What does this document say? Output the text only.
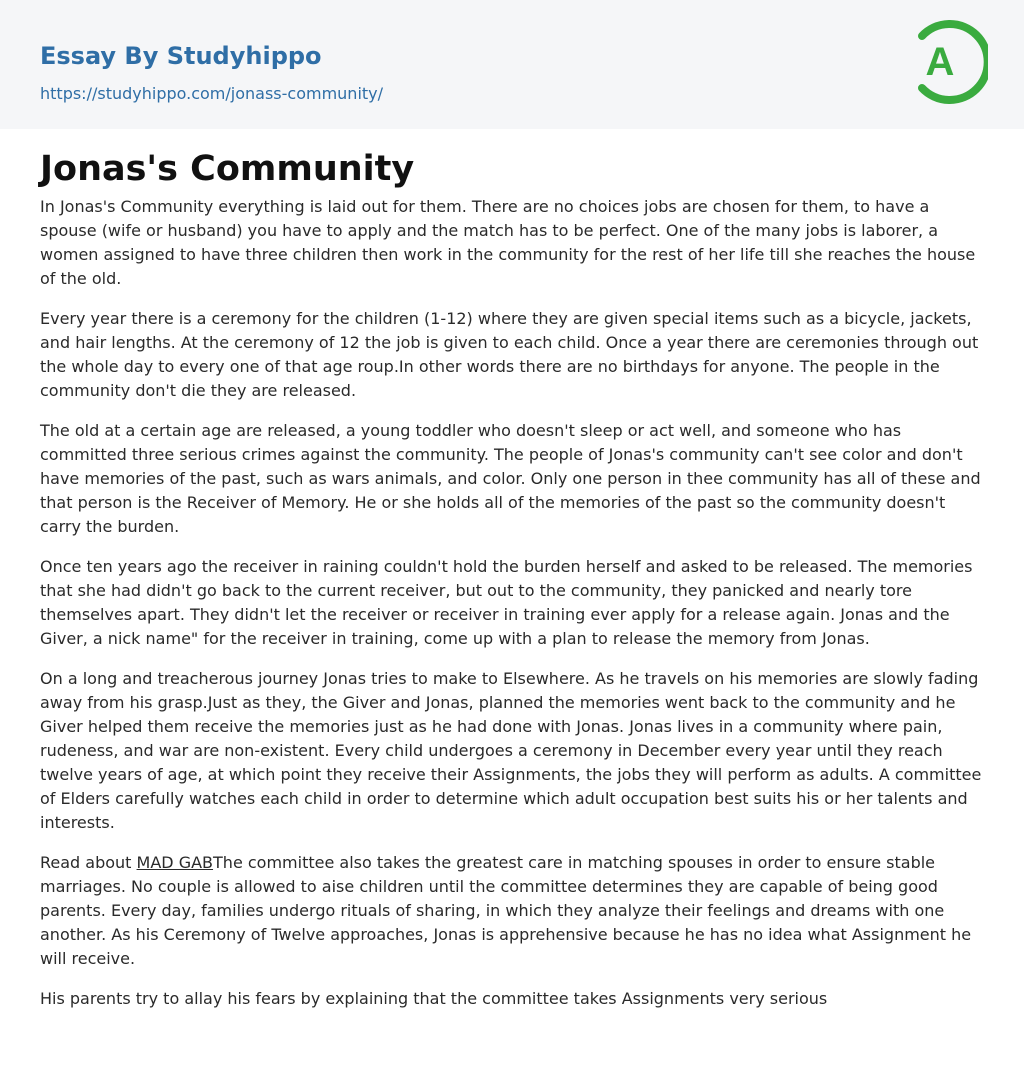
Essay By Studyhippo
https://studyhippo.com/jonass-community/
A
Jonas's Community

In Jonas's Community everything is laid out for them. There are no choices jobs are chosen for them, to have a spouse (wife or husband) you have to apply and the match has to be perfect. One of the many jobs is laborer, a women assigned to have three children then work in the community for the rest of her life till she reaches the house of the old.

Every year there is a ceremony for the children (1-12) where they are given special items such as a bicycle, jackets, and hair lengths. At the ceremony of 12 the job is given to each child. Once a year there are ceremonies through out the whole day to every one of that age roup.In other words there are no birthdays for anyone. The people in the community don't die they are released.

The old at a certain age are released, a young toddler who doesn't sleep or act well, and someone who has committed three serious crimes against the community. The people of Jonas's community can't see color and don't have memories of the past, such as wars animals, and color. Only one person in thee community has all of these and that person is the Receiver of Memory. He or she holds all of the memories of the past so the community doesn't carry the burden.

Once ten years ago the receiver in raining couldn't hold the burden herself and asked to be released. The memories that she had didn't go back to the current receiver, but out to the community, they panicked and nearly tore themselves apart. They didn't let the receiver or receiver in training ever apply for a release again. Jonas and the Giver, a nick name" for the receiver in training, come up with a plan to release the memory from Jonas.

On a long and treacherous journey Jonas tries to make to Elsewhere. As he travels on his memories are slowly fading away from his grasp.Just as they, the Giver and Jonas, planned the memories went back to the community and he Giver helped them receive the memories just as he had done with Jonas. Jonas lives in a community where pain, rudeness, and war are non-existent. Every child undergoes a ceremony in December every year until they reach twelve years of age, at which point they receive their Assignments, the jobs they will perform as adults. A committee of Elders carefully watches each child in order to determine which adult occupation best suits his or her talents and interests.

Read about MAD GABThe committee also takes the greatest care in matching spouses in order to ensure stable marriages. No couple is allowed to aise children until the committee determines they are capable of being good parents. Every day, families undergo rituals of sharing, in which they analyze their feelings and dreams with one another. As his Ceremony of Twelve approaches, Jonas is apprehensive because he has no idea what Assignment he will receive.

His parents try to allay his fears by explaining that the committee takes Assignments very serious
